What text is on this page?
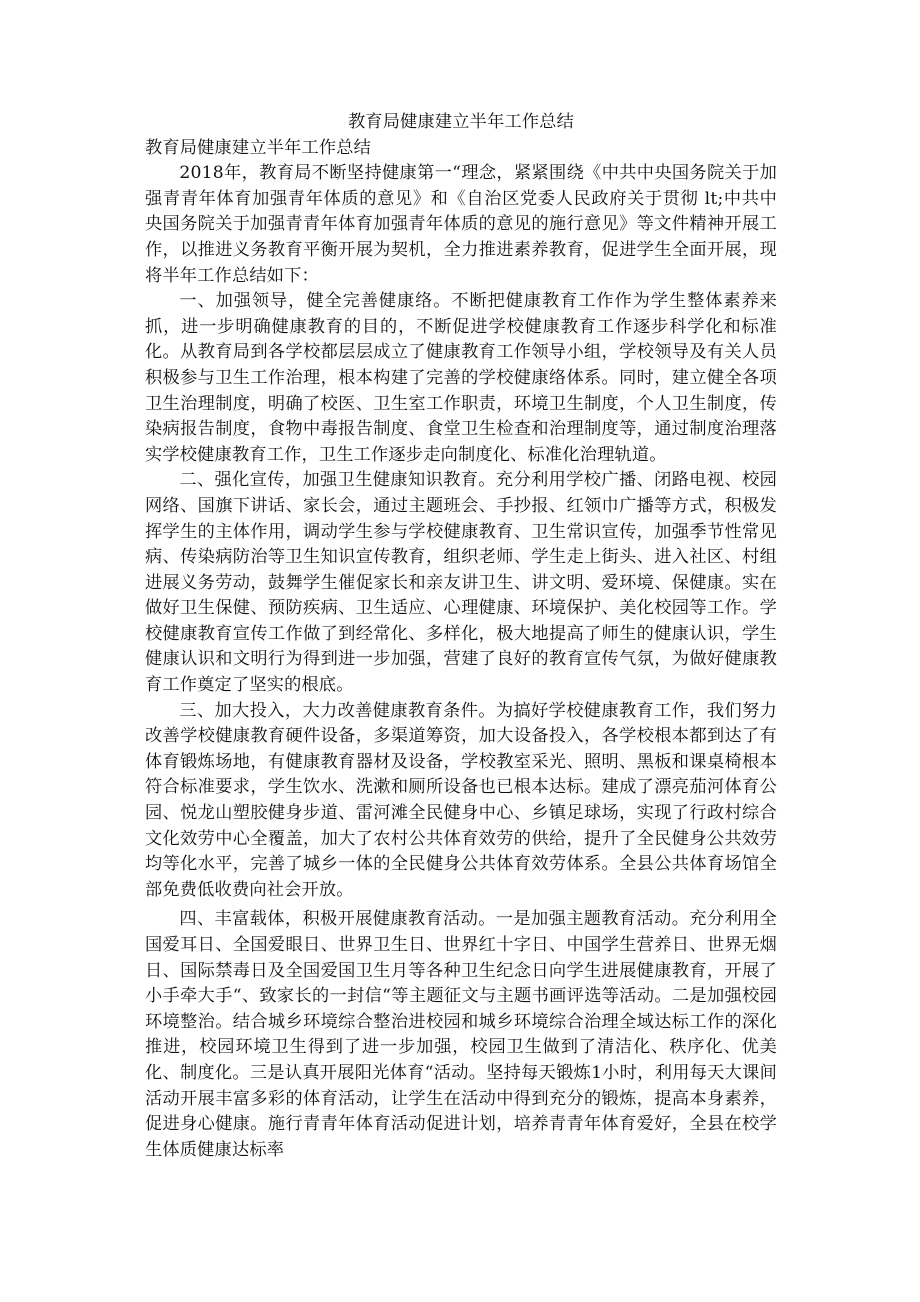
教育局健康建立半年工作总结
教育局健康建立半年工作总结

2018年，教育局不断坚持健康第一“理念，紧紧围绕《中共中央国务院关于加强青青年体育加强青年体质的意见》和《自治区党委人民政府关于贯彻 lt;中共中央国务院关于加强青青年体育加强青年体质的意见的施行意见》等文件精神开展工作，以推进义务教育平衡开展为契机，全力推进素养教育，促进学生全面开展，现将半年工作总结如下：

一、加强领导，健全完善健康络。不断把健康教育工作作为学生整体素养来抓，进一步明确健康教育的目的，不断促进学校健康教育工作逐步科学化和标准化。从教育局到各学校都层层成立了健康教育工作领导小组，学校领导及有关人员积极参与卫生工作治理，根本构建了完善的学校健康络体系。同时，建立健全各项卫生治理制度，明确了校医、卫生室工作职责，环境卫生制度，个人卫生制度，传染病报告制度，食物中毒报告制度、食堂卫生检查和治理制度等，通过制度治理落实学校健康教育工作，卫生工作逐步走向制度化、标准化治理轨道。

二、强化宣传，加强卫生健康知识教育。充分利用学校广播、闭路电视、校园网络、国旗下讲话、家长会，通过主题班会、手抄报、红领巾广播等方式，积极发挥学生的主体作用，调动学生参与学校健康教育、卫生常识宣传，加强季节性常见病、传染病防治等卫生知识宣传教育，组织老师、学生走上街头、进入社区、村组进展义务劳动，鼓舞学生催促家长和亲友讲卫生、讲文明、爱环境、保健康。实在做好卫生保健、预防疾病、卫生适应、心理健康、环境保护、美化校园等工作。学校健康教育宣传工作做了到经常化、多样化，极大地提高了师生的健康认识，学生健康认识和文明行为得到进一步加强，营建了良好的教育宣传气氛，为做好健康教育工作奠定了坚实的根底。

三、加大投入，大力改善健康教育条件。为搞好学校健康教育工作，我们努力改善学校健康教育硬件设备，多渠道筹资，加大设备投入，各学校根本都到达了有体育锻炼场地，有健康教育器材及设备，学校教室采光、照明、黑板和课桌椅根本符合标准要求，学生饮水、洗漱和厕所设备也已根本达标。建成了漂亮茄河体育公园、悦龙山塑胶健身步道、雷河滩全民健身中心、乡镇足球场，实现了行政村综合文化效劳中心全覆盖，加大了农村公共体育效劳的供给，提升了全民健身公共效劳均等化水平，完善了城乡一体的全民健身公共体育效劳体系。全县公共体育场馆全部免费低收费向社会开放。

四、丰富载体，积极开展健康教育活动。一是加强主题教育活动。充分利用全国爱耳日、全国爱眼日、世界卫生日、世界红十字日、中国学生营养日、世界无烟日、国际禁毒日及全国爱国卫生月等各种卫生纪念日向学生进展健康教育，开展了小手牵大手“、致家长的一封信“等主题征文与主题书画评选等活动。二是加强校园环境整治。结合城乡环境综合整治进校园和城乡环境综合治理全域达标工作的深化推进，校园环境卫生得到了进一步加强，校园卫生做到了清洁化、秩序化、优美化、制度化。三是认真开展阳光体育“活动。坚持每天锻炼1小时，利用每天大课间活动开展丰富多彩的体育活动，让学生在活动中得到充分的锻炼，提高本身素养，促进身心健康。施行青青年体育活动促进计划，培养青青年体育爱好，全县在校学生体质健康达标率
